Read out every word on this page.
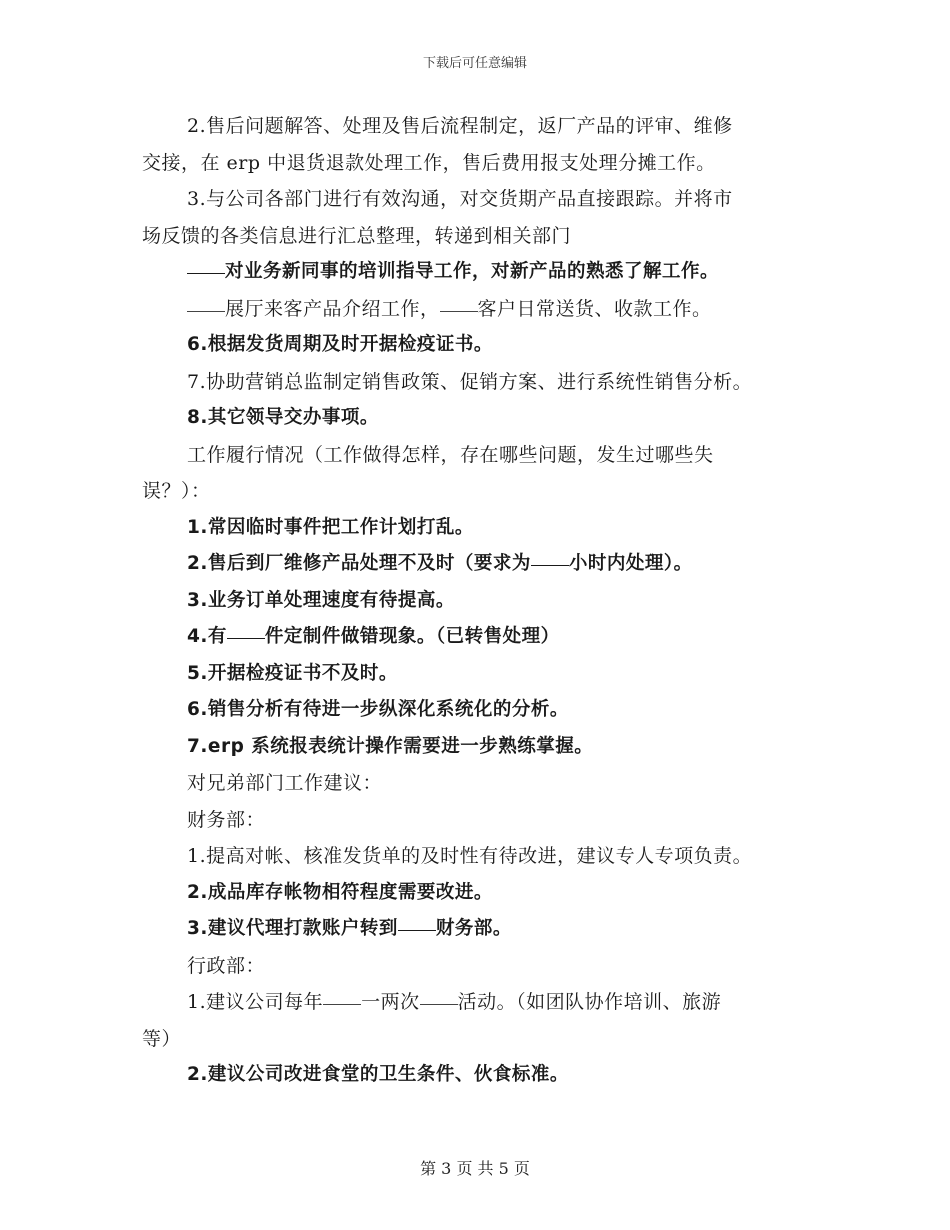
下载后可任意编辑
2.售后问题解答、处理及售后流程制定，返厂产品的评审、维修
交接，在 erp 中退货退款处理工作，售后费用报支处理分摊工作。
3.与公司各部门进行有效沟通，对交货期产品直接跟踪。并将市
场反馈的各类信息进行汇总整理，转递到相关部门
对业务新同事的培训指导工作，对新产品的熟悉了解工作。
展厅来客产品介绍工作， 客户日常送货、收款工作。
6.根据发货周期及时开据检疫证书。
7.协助营销总监制定销售政策、促销方案、进行系统性销售分析。
8.其它领导交办事项。
工作履行情况（工作做得怎样，存在哪些问题，发生过哪些失
误？）：
1.常因临时事件把工作计划打乱。
2.售后到厂维修产品处理不及时（要求为 小时内处理）。
3.业务订单处理速度有待提高。
4.有 件定制件做错现象。（已转售处理）
5.开据检疫证书不及时。
6.销售分析有待进一步纵深化系统化的分析。
7.erp 系统报表统计操作需要进一步熟练掌握。
对兄弟部门工作建议：
财务部：
1.提高对帐、核准发货单的及时性有待改进，建议专人专项负责。
2.成品库存帐物相符程度需要改进。
3.建议代理打款账户转到 财务部。
行政部：
1.建议公司每年 一两次 活动。（如团队协作培训、旅游
等）
2.建议公司改进食堂的卫生条件、伙食标准。
第 3 页 共 5 页
